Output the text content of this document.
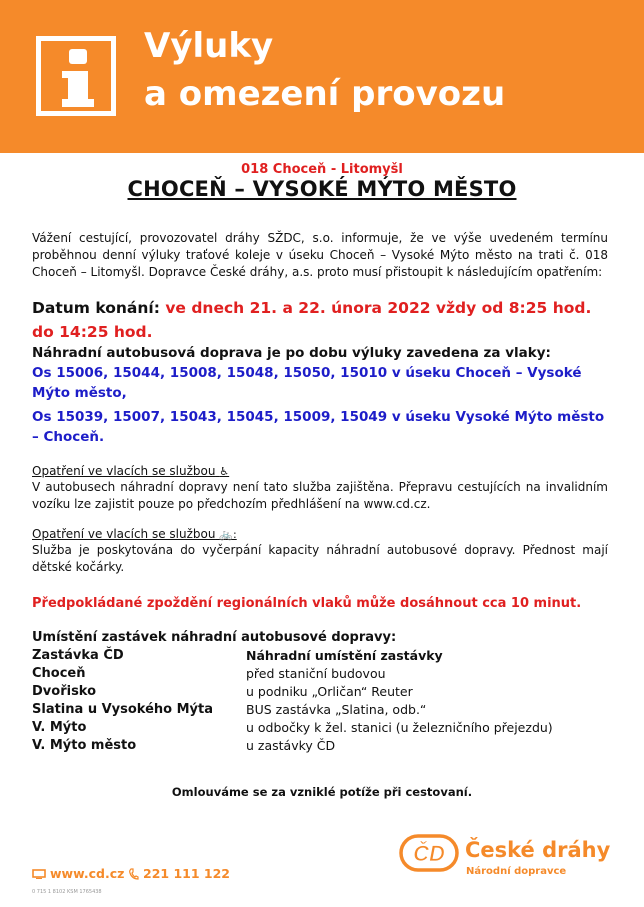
Výluky
a omezení provozu

018 Choceň - Litomyšl

CHOCEŇ – VYSOKÉ MÝTO MĚSTO

Vážení cestující, provozovatel dráhy SŽDC, s.o. informuje, že ve výše uvedeném termínu proběhnou denní výluky traťové koleje v úseku Choceň – Vysoké Mýto město na trati č. 018 Choceň – Litomyšl. Dopravce České dráhy, a.s. proto musí přistoupit k následujícím opatřením:

Datum konání: ve dnech 21. a 22. února 2022 vždy od 8:25 hod. do 14:25 hod.

Náhradní autobusová doprava je po dobu výluky zavedena za vlaky:

Os 15006, 15044, 15008, 15048, 15050, 15010 v úseku Choceň – Vysoké Mýto město,

Os 15039, 15007, 15043, 15045, 15009, 15049 v úseku Vysoké Mýto město – Choceň.

Opatření ve vlacích se službou ♿

V autobusech náhradní dopravy není tato služba zajištěna. Přepravu cestujících na invalidním vozíku lze zajistit pouze po předchozím předhlášení na www.cd.cz.

Opatření ve vlacích se službou 🚲:

Služba je poskytována do vyčerpání kapacity náhradní autobusové dopravy. Přednost mají dětské kočárky.

Předpokládané zpoždění regionálních vlaků může dosáhnout cca 10 minut.

Umístění zastávek náhradní autobusové dopravy:

Zastávka ČD	Náhradní umístění zastávky
Choceň	před staniční budovou
Dvořisko	u podniku „Orličan“ Reuter
Slatina u Vysokého Mýta	BUS zastávka „Slatina, odb.“
V. Mýto	u odbočky k žel. stanici (u železničního přejezdu)
V. Mýto město	u zastávky ČD

Omlouváme se za vzniklé potíže při cestovaní.

www.cd.cz 221 111 122

0 715 1 8102 KSM 1765438

ČD České dráhy

Národní dopravce
